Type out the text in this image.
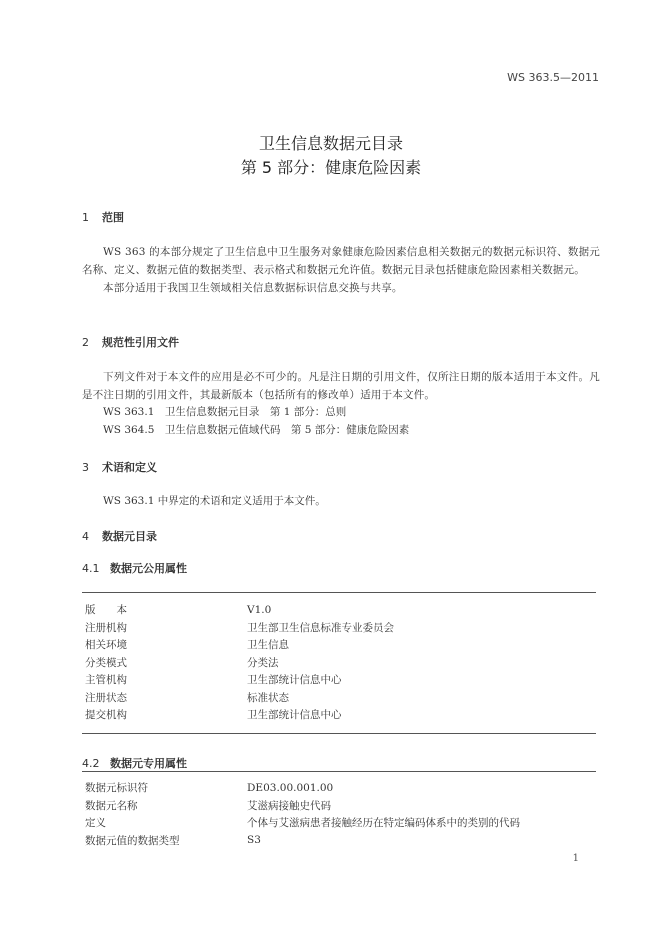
WS 363.5—2011
卫生信息数据元目录
第 5 部分：健康危险因素
1 范围

WS 363 的本部分规定了卫生信息中卫生服务对象健康危险因素信息相关数据元的数据元标识符、数据元名称、定义、数据元值的数据类型、表示格式和数据元允许值。数据元目录包括健康危险因素相关数据元。

本部分适用于我国卫生领域相关信息数据标识信息交换与共享。

2 规范性引用文件

下列文件对于本文件的应用是必不可少的。凡是注日期的引用文件，仅所注日期的版本适用于本文件。凡是不注日期的引用文件，其最新版本（包括所有的修改单）适用于本文件。

WS 363.1　卫生信息数据元目录　第 1 部分：总则
WS 364.5　卫生信息数据元值域代码　第 5 部分：健康危险因素
3 术语和定义
WS 363.1 中界定的术语和定义适用于本文件。
4 数据元目录
4.1 数据元公用属性
版　　本	V1.0
注册机构	卫生部卫生信息标准专业委员会
相关环境	卫生信息
分类模式	分类法
主管机构	卫生部统计信息中心
注册状态	标准状态
提交机构	卫生部统计信息中心
4.2 数据元专用属性
数据元标识符	DE03.00.001.00
数据元名称	艾滋病接触史代码
定义	个体与艾滋病患者接触经历在特定编码体系中的类别的代码
数据元值的数据类型	S3
1
